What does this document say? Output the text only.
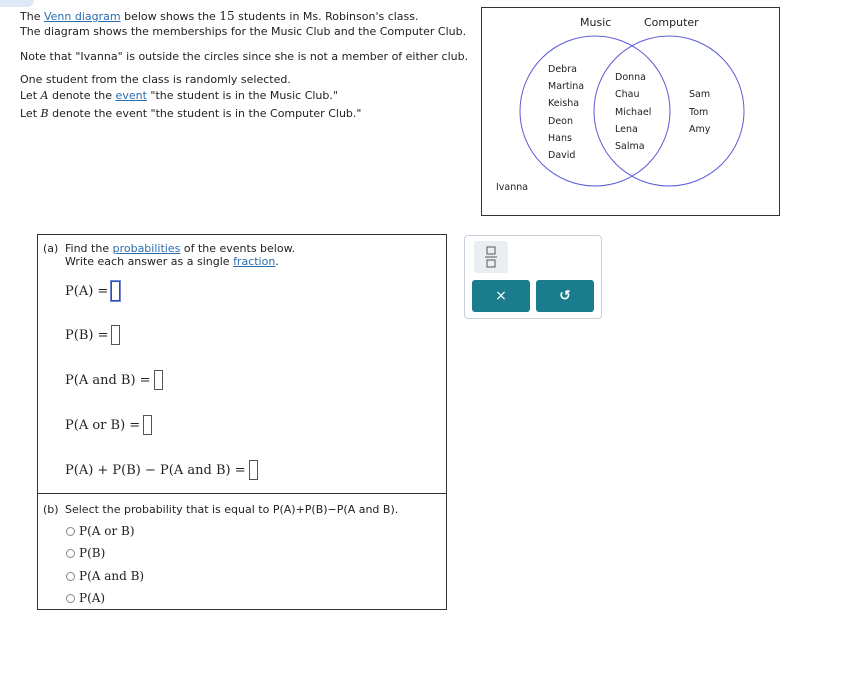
The Venn diagram below shows the 15 students in Ms. Robinson's class.

The diagram shows the memberships for the Music Club and the Computer Club.

Note that "Ivanna" is outside the circles since she is not a member of either club.

One student from the class is randomly selected.

Let A denote the event "the student is in the Music Club."

Let B denote the event "the student is in the Computer Club."

Music	Computer
Debra
Martina
Keisha
Deon
Hans
David
Donna
Chau
Michael
Lena
Salma
Sam
Tom
Amy
Ivanna
(a) Find the probabilities of the events below.
Write each answer as a single fraction.
P(A) =
P(B) =
P(A and B) =
P(A or B) =
P(A) + P(B) − P(A and B) =
(b) Select the probability that is equal to P(A)+P(B)−P(A and B).
P(A or B)
P(B)
P(A and B)
P(A)
×	↺
